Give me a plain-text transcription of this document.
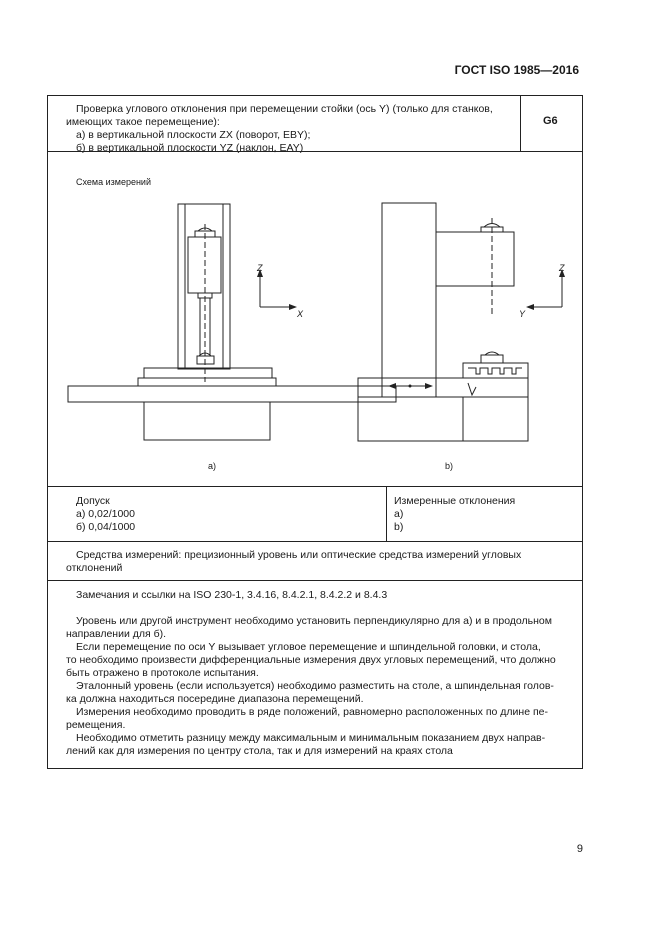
ГОСТ ISO 1985—2016
Проверка углового отклонения при перемещении стойки (ось Y) (только для станков,
имеющих такое перемещение):
а) в вертикальной плоскости ZX (поворот, EBY);
б) в вертикальной плоскости YZ (наклон, EAY)
G6
Схема измерений
Z
X
Z
Y
a)	b)
Допуск
а) 0,02/1000
б) 0,04/1000
Измеренные отклонения
а)
b)
Средства измерений: прецизионный уровень или оптические средства измерений угловых
отклонений
Замечания и ссылки на ISO 230-1, 3.4.16, 8.4.2.1, 8.4.2.2 и 8.4.3
Уровень или другой инструмент необходимо установить перпендикулярно для а) и в продольном
направлении для б).
Если перемещение по оси Y вызывает угловое перемещение и шпиндельной головки, и стола,
то необходимо произвести дифференциальные измерения двух угловых перемещений, что должно
быть отражено в протоколе испытания.
Эталонный уровень (если используется) необходимо разместить на столе, а шпиндельная голов-
ка должна находиться посередине диапазона перемещений.
Измерения необходимо проводить в ряде положений, равномерно расположенных по длине пе-
ремещения.
Необходимо отметить разницу между максимальным и минимальным показанием двух направ-
лений как для измерения по центру стола, так и для измерений на краях стола
9
